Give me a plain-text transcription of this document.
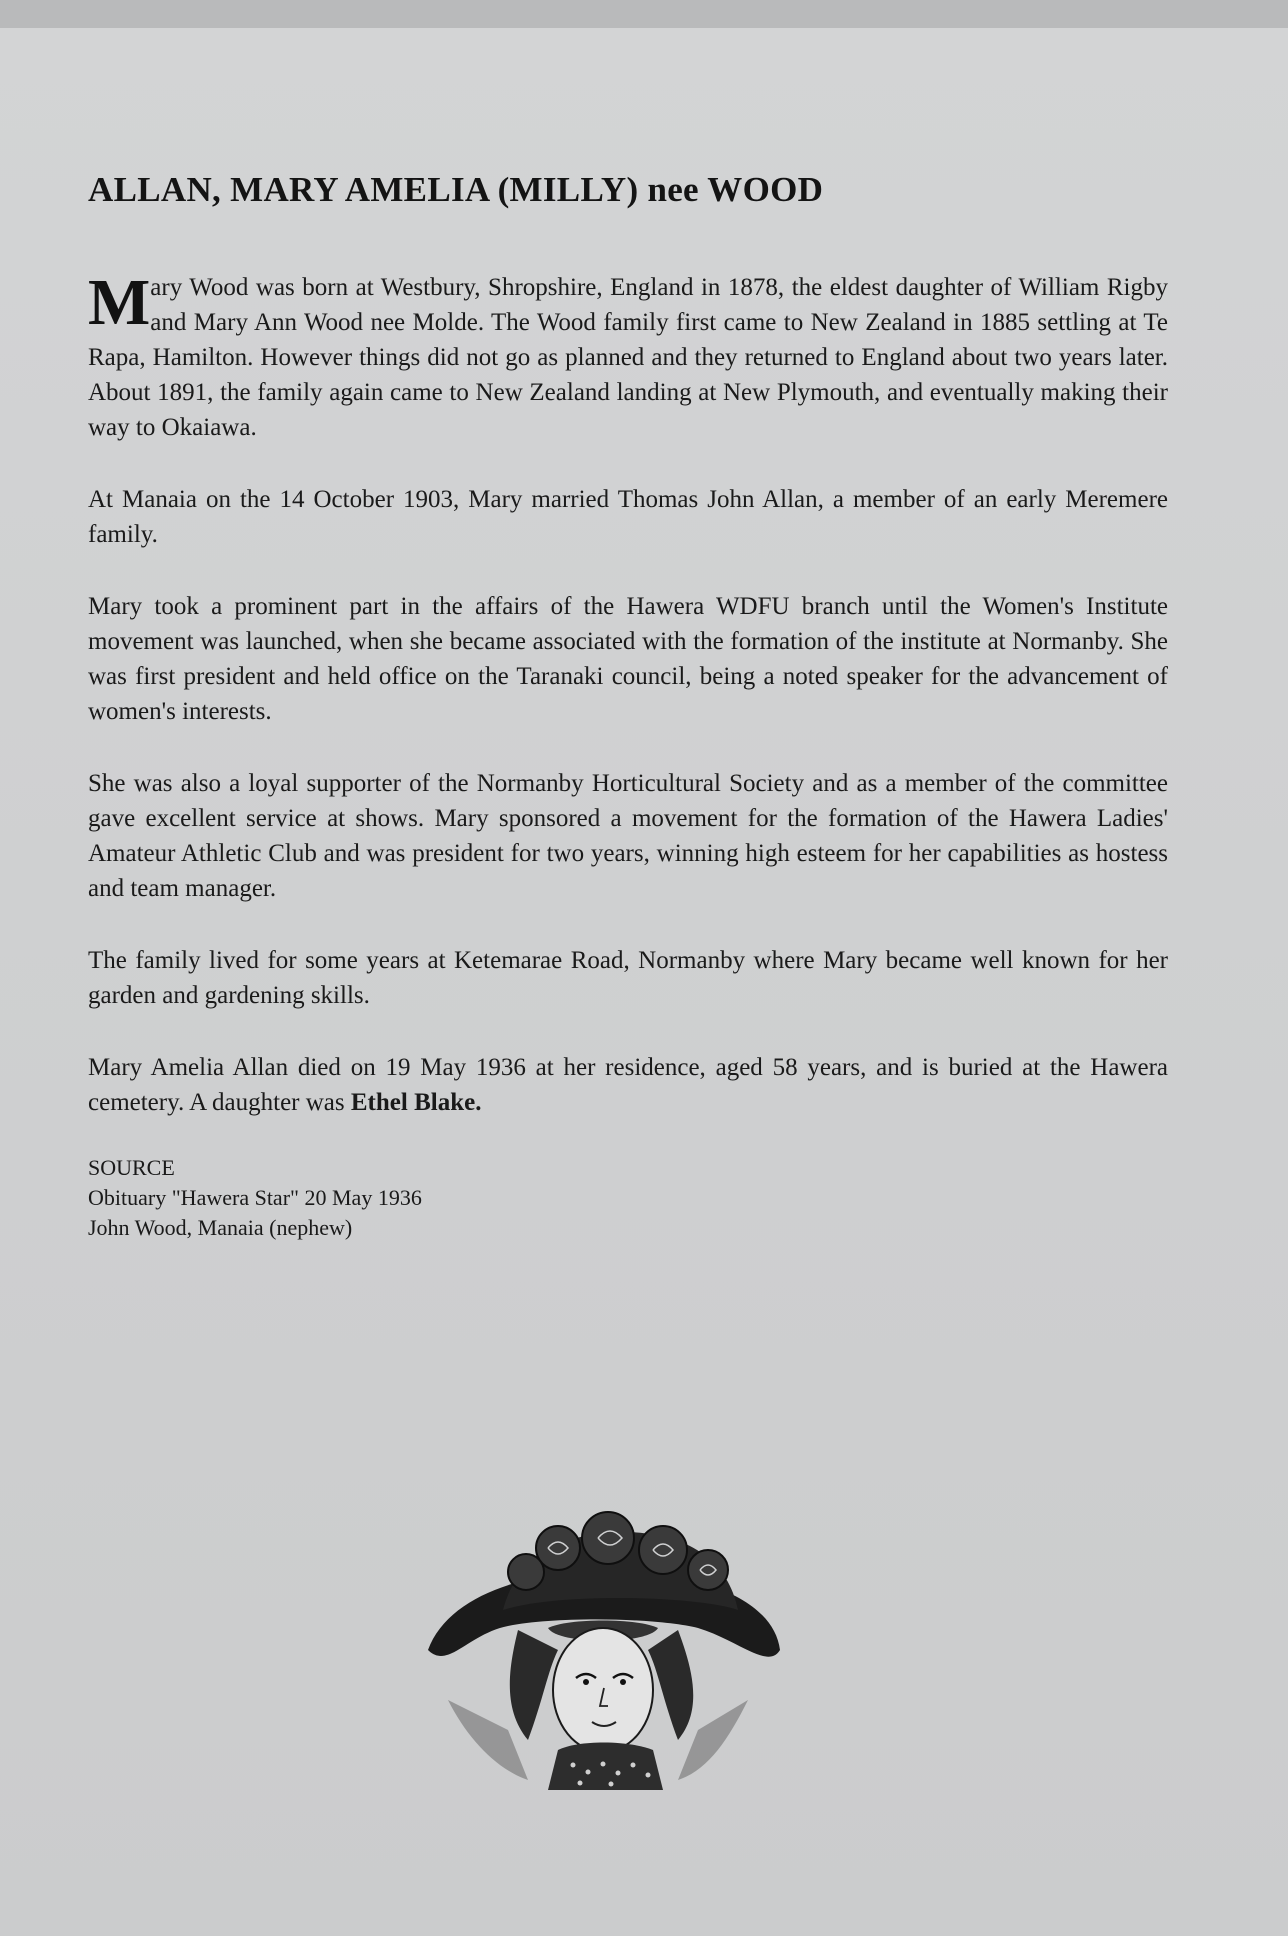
ALLAN, MARY AMELIA (MILLY) nee WOOD

Mary Wood was born at Westbury, Shropshire, England in 1878, the eldest daughter of William Rigby and Mary Ann Wood nee Molde. The Wood family first came to New Zealand in 1885 settling at Te Rapa, Hamilton. However things did not go as planned and they returned to England about two years later. About 1891, the family again came to New Zealand landing at New Plymouth, and eventually making their way to Okaiawa.

At Manaia on the 14 October 1903, Mary married Thomas John Allan, a member of an early Meremere family.

Mary took a prominent part in the affairs of the Hawera WDFU branch until the Women's Institute movement was launched, when she became associated with the formation of the institute at Normanby. She was first president and held office on the Taranaki council, being a noted speaker for the advancement of women's interests.

She was also a loyal supporter of the Normanby Horticultural Society and as a member of the committee gave excellent service at shows. Mary sponsored a movement for the formation of the Hawera Ladies' Amateur Athletic Club and was president for two years, winning high esteem for her capabilities as hostess and team manager.

The family lived for some years at Ketemarae Road, Normanby where Mary became well known for her garden and gardening skills.

Mary Amelia Allan died on 19 May 1936 at her residence, aged 58 years, and is buried at the Hawera cemetery. A daughter was Ethel Blake.

SOURCE
Obituary "Hawera Star" 20 May 1936
John Wood, Manaia (nephew)
